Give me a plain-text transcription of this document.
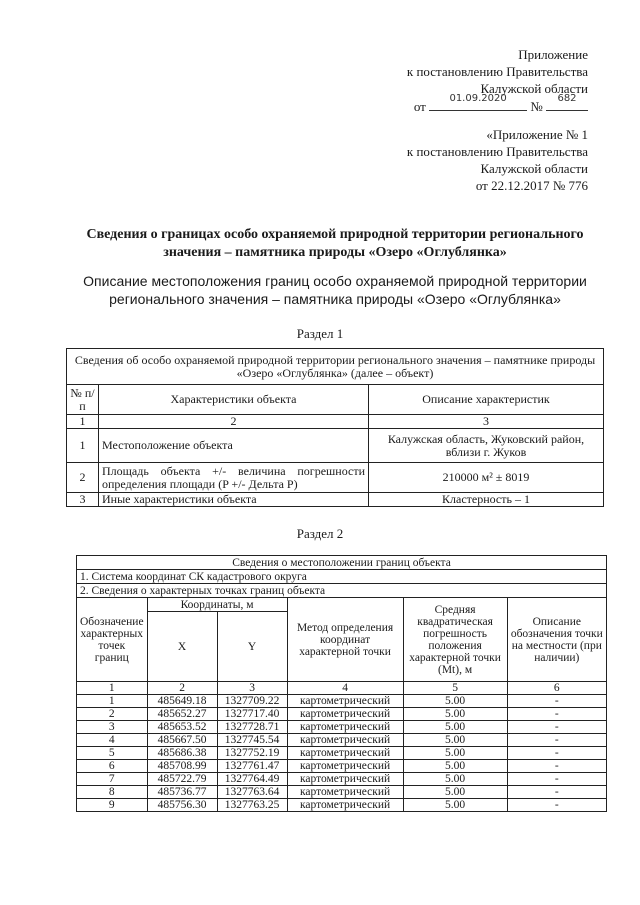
Приложение
к постановлению Правительства
Калужской области
от
01.09.2020
№
682
«Приложение № 1
к постановлению Правительства
Калужской области
от 22.12.2017 № 776
Сведения о границах особо охраняемой природной территории регионального значения – памятника природы «Озеро «Оглублянка»
Описание местоположения границ особо охраняемой природной территории регионального значения – памятника природы «Озеро «Оглублянка»
Раздел 1
Сведения об особо охраняемой природной территории регионального значения – памятнике природы «Озеро «Оглублянка» (далее – объект)		
№ п/п	Характеристики объекта	Описание характеристик
1	2	3
1	Местоположение объекта	Калужская область, Жуковский район, вблизи г. Жуков
2	Площадь объекта +/- величина погрешности определения площади (P +/- Дельта P)	210000 м² ± 8019
3	Иные характеристики объекта	Кластерность – 1
Раздел 2
Сведения о местоположении границ объекта					
1. Система координат СК кадастрового округа					
2. Сведения о характерных точках границ объекта					
Обозначение характерных точек границ	Координаты, м		Метод определения координат характерной точки	Средняя квадратическая погрешность положения характерной точки (Mt), м	Описание обозначения точки на местности (при наличии)
	X	Y			
1	2	3	4	5	6
1	485649.18	1327709.22	картометрический	5.00	-
2	485652.27	1327717.40	картометрический	5.00	-
3	485653.52	1327728.71	картометрический	5.00	-
4	485667.50	1327745.54	картометрический	5.00	-
5	485686.38	1327752.19	картометрический	5.00	-
6	485708.99	1327761.47	картометрический	5.00	-
7	485722.79	1327764.49	картометрический	5.00	-
8	485736.77	1327763.64	картометрический	5.00	-
9	485756.30	1327763.25	картометрический	5.00	-
